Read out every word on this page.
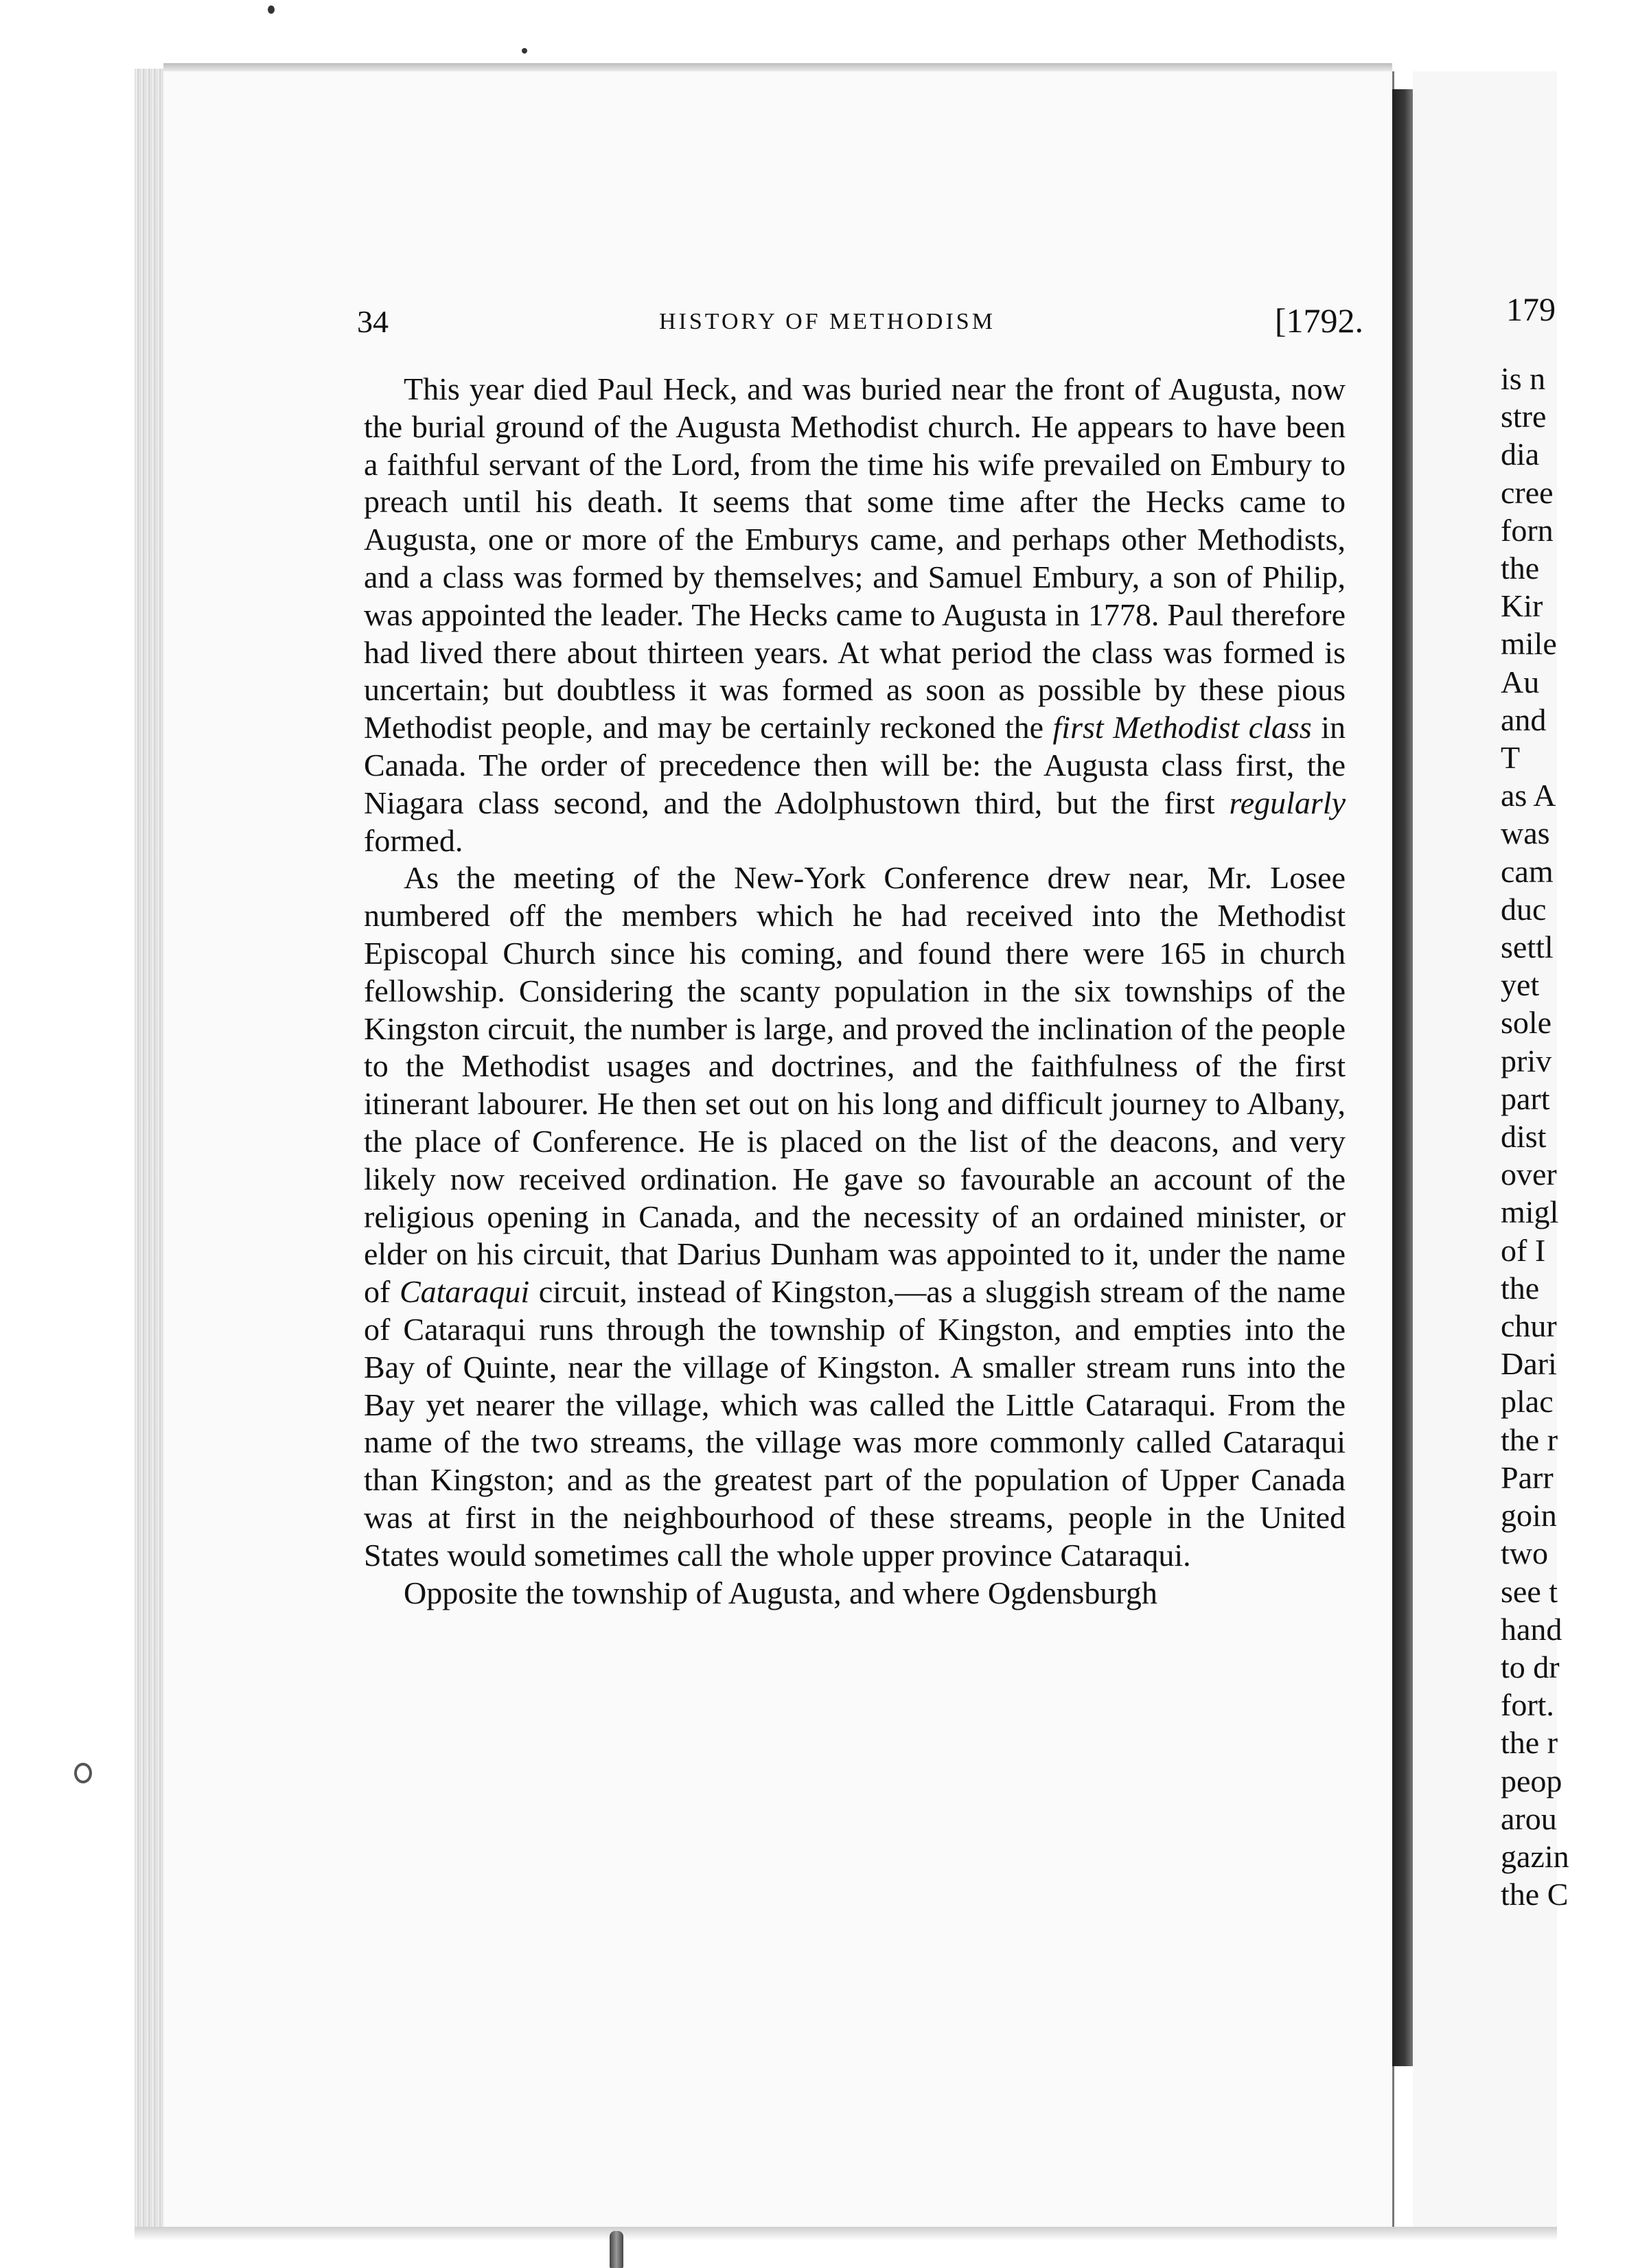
34	HISTORY OF METHODISM	[1792.

This year died Paul Heck, and was buried near the front of Augusta, now the burial ground of the Augusta Methodist church. He appears to have been a faithful servant of the Lord, from the time his wife prevailed on Embury to preach until his death. It seems that some time after the Hecks came to Augusta, one or more of the Emburys came, and perhaps other Methodists, and a class was formed by themselves; and Samuel Embury, a son of Philip, was appointed the leader. The Hecks came to Augusta in 1778. Paul therefore had lived there about thirteen years. At what period the class was formed is uncertain; but doubtless it was formed as soon as possible by these pious Methodist people, and may be certainly reckoned the first Methodist class in Canada. The order of precedence then will be: the Augusta class first, the Niagara class second, and the Adolphustown third, but the first regularly formed.

As the meeting of the New-York Conference drew near, Mr. Losee numbered off the members which he had received into the Methodist Episcopal Church since his coming, and found there were 165 in church fellowship. Considering the scanty population in the six townships of the Kingston circuit, the number is large, and proved the inclination of the people to the Methodist usages and doctrines, and the faithfulness of the first itinerant labourer. He then set out on his long and difficult journey to Albany, the place of Conference. He is placed on the list of the deacons, and very likely now received ordination. He gave so favourable an account of the religious opening in Canada, and the necessity of an ordained minister, or elder on his circuit, that Darius Dunham was appointed to it, under the name of Cataraqui circuit, instead of Kingston,—as a sluggish stream of the name of Cataraqui runs through the township of Kingston, and empties into the Bay of Quinte, near the village of Kingston. A smaller stream runs into the Bay yet nearer the village, which was called the Little Cataraqui. From the name of the two streams, the village was more commonly called Cataraqui than Kingston; and as the greatest part of the population of Upper Canada was at first in the neighbourhood of these streams, people in the United States would sometimes call the whole upper province Cataraqui.

Opposite the township of Augusta, and where Ogdensburgh

179
is n
stre
dia
cree
forn
the
Kir
mile
Au
and
T
as A
was
cam
duc
settl
yet
sole
priv
part
dist
over
migl
of I
the
chur
Dari
plac
the r
Parr
goin
two
see t
hand
to dr
fort.
the r
peop
arou
gazin
the C
